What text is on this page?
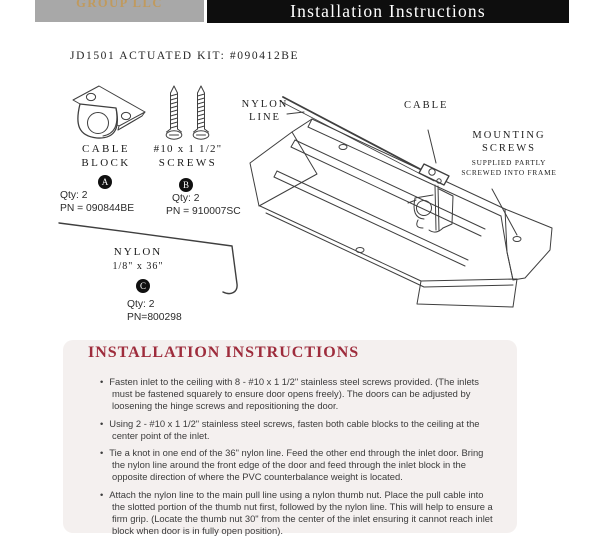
$^{GROUP LLC}$	Installation Instructions
JD1501 ACTUATED KIT: #090412BE
CABLE
BLOCK
A
Qty: 2
PN = 090844BE
#10 x 1 1/2"
SCREWS
B
Qty: 2
PN = 910007SC
NYLON
1/8" x 36"
C
Qty: 2
PN=800298
NYLON
LINE
CABLE
MOUNTING
SCREWS
SUPPLIED PARTLY
SCREWED INTO FRAME
INSTALLATION INSTRUCTIONS
• Fasten inlet to the ceiling with 8 - #10 x 1 1/2" stainless steel screws provided. (The inlets must be fastened squarely to ensure door opens freely). The doors can be adjusted by loosening the hinge screws and repositioning the door.
• Using 2 - #10 x 1 1/2" stainless steel screws, fasten both cable blocks to the ceiling at the center point of the inlet.
• Tie a knot in one end of the 36" nylon line. Feed the other end through the inlet door. Bring the nylon line around the front edge of the door and feed through the inlet block in the opposite direction of where the PVC counterbalance weight is located.
• Attach the nylon line to the main pull line using a nylon thumb nut. Place the pull cable into the slotted portion of the thumb nut first, followed by the nylon line. This will help to ensure a firm grip. (Locate the thumb nut 30" from the center of the inlet ensuring it cannot reach inlet block when door is in fully open position).
